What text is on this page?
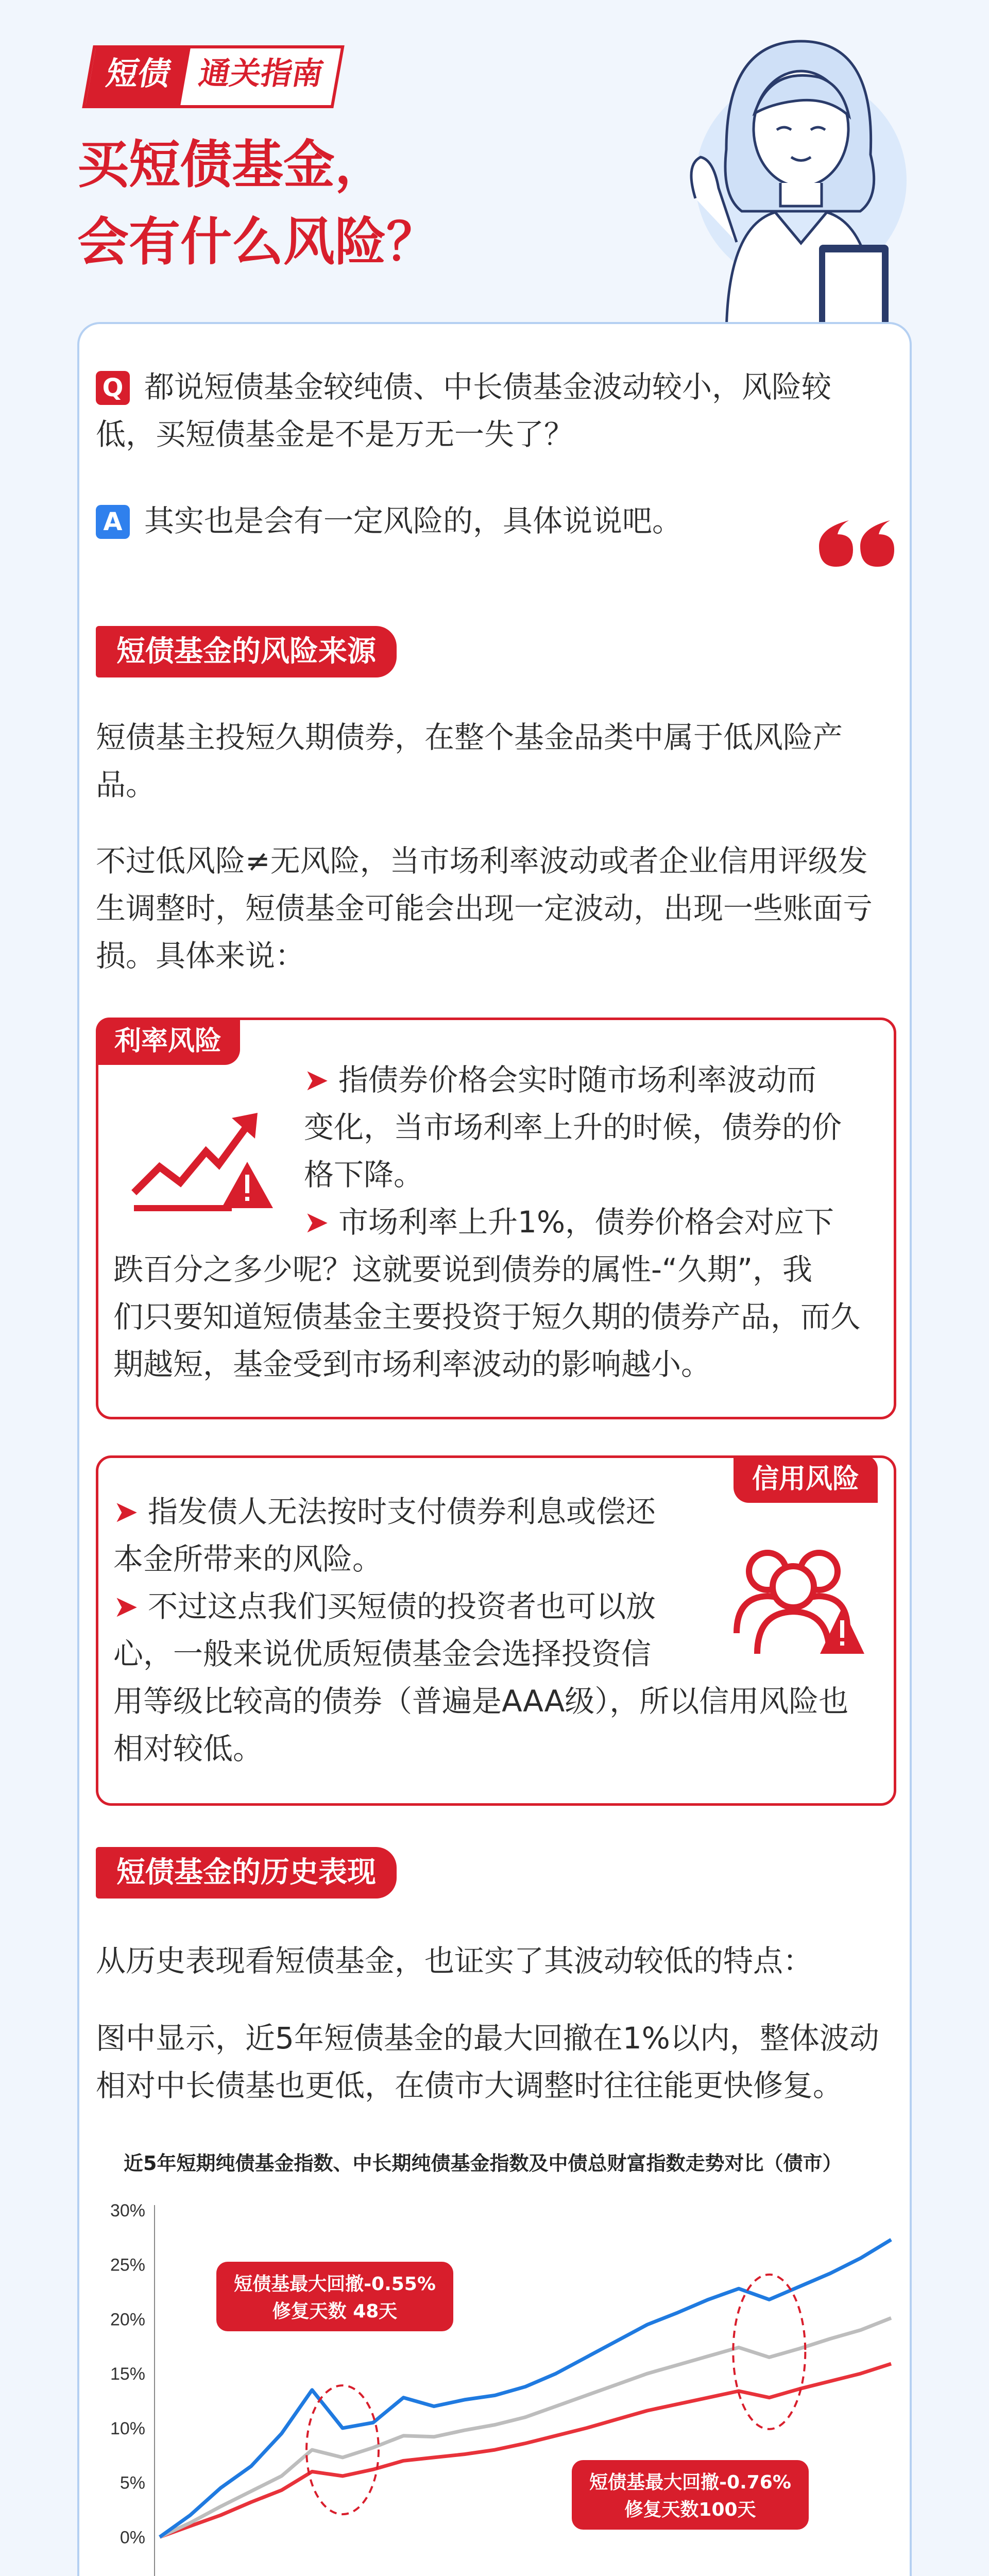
短债 通关指南
买短债基金，
会有什么风险？
Q 都说短债基金较纯债、中长债基金波动较小，风险较
低，买短债基金是不是万无一失了？
A 其实也是会有一定风险的，具体说说吧。
短债基金的风险来源
短债基主投短久期债券，在整个基金品类中属于低风险产
品。
不过低风险≠无风险，当市场利率波动或者企业信用评级发
生调整时，短债基金可能会出现一定波动，出现一些账面亏
损。具体来说：
利率风险
➤ 指债券价格会实时随市场利率波动而
变化，当市场利率上升的时候，债券的价
格下降。
➤ 市场利率上升1%，债券价格会对应下
跌百分之多少呢？这就要说到债券的属性-“久期”，我
们只要知道短债基金主要投资于短久期的债券产品，而久
期越短，基金受到市场利率波动的影响越小。
信用风险
➤ 指发债人无法按时支付债券利息或偿还
本金所带来的风险。
➤ 不过这点我们买短债的投资者也可以放
心，一般来说优质短债基金会选择投资信
用等级比较高的债券（普遍是AAA级），所以信用风险也
相对较低。
短债基金的历史表现
从历史表现看短债基金，也证实了其波动较低的特点：
图中显示，近5年短债基金的最大回撤在1%以内，整体波动
相对中长债基也更低，在债市大调整时往往能更快修复。
近5年短期纯债基金指数、中长期纯债基金指数及中债总财富指数走势对比（债市）
0%
5%
10%
15%
20%
25%
30%
短债基最大回撤-0.55%
修复天数 48天
短债基最大回撤-0.76%
修复天数100天
